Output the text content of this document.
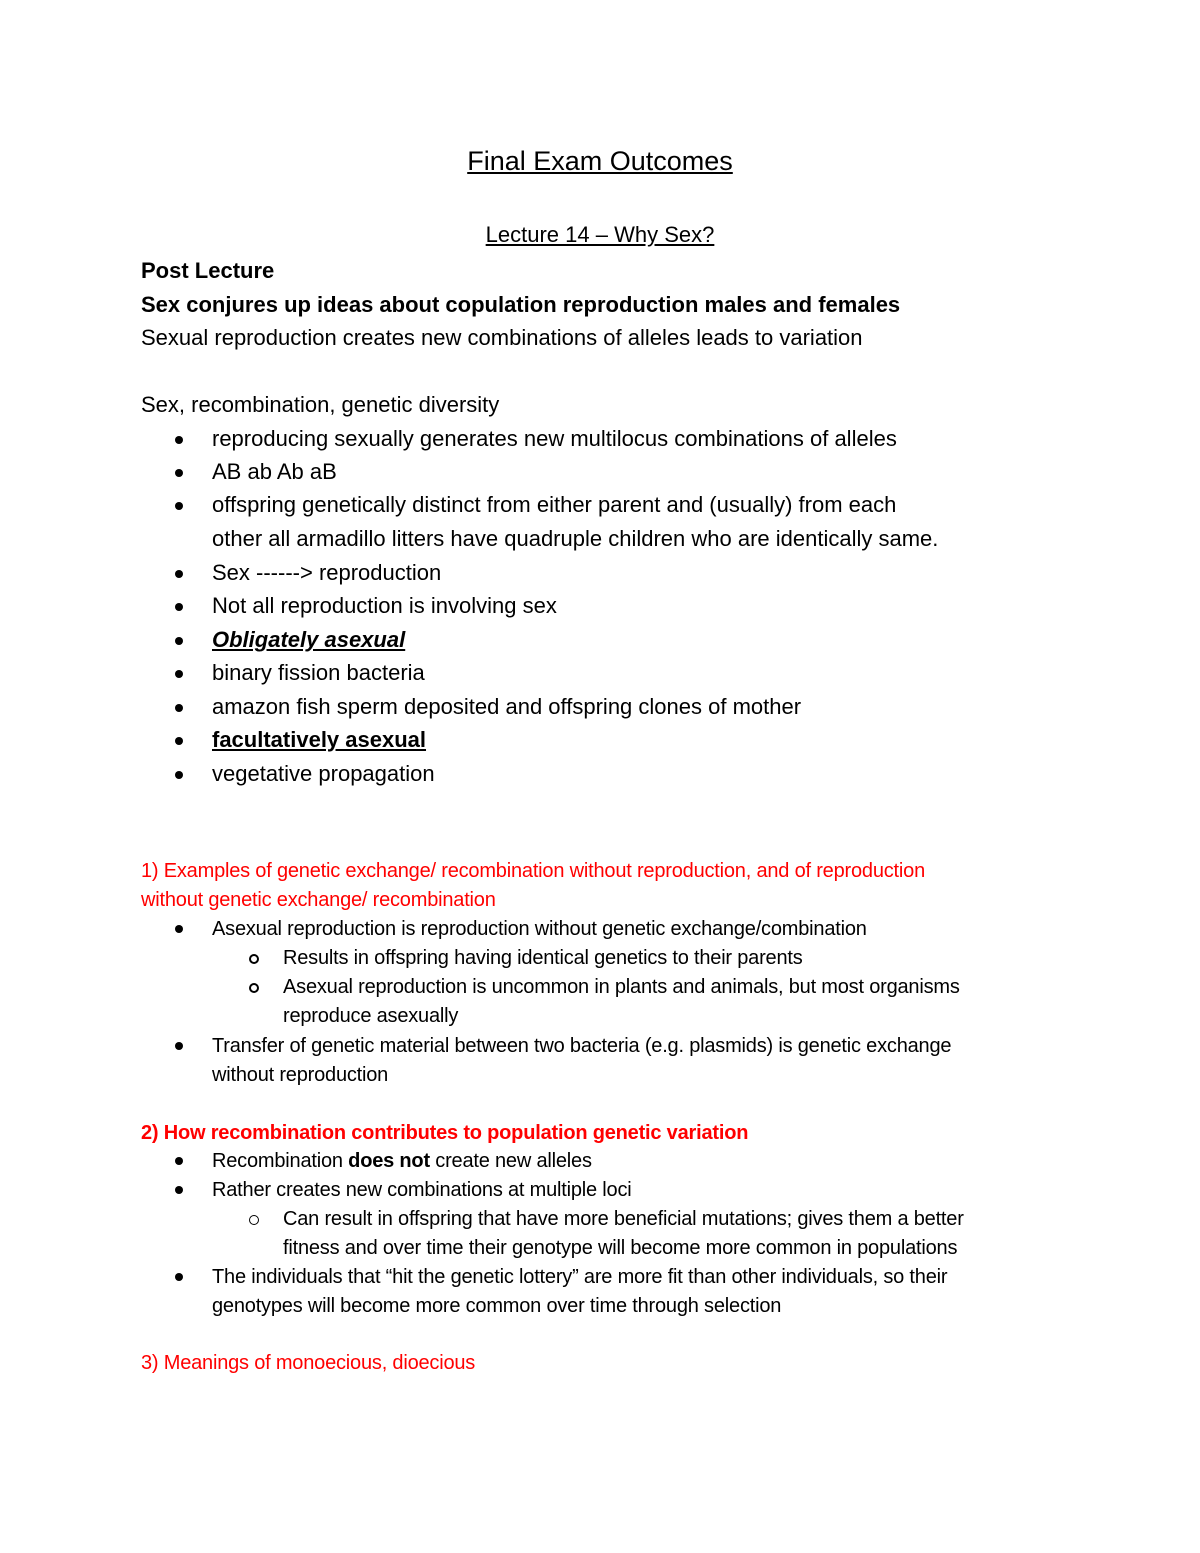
Final Exam Outcomes
Lecture 14 – Why Sex?
Post Lecture
Sex conjures up ideas about copulation reproduction males and females
Sexual reproduction creates new combinations of alleles leads to variation
Sex, recombination, genetic diversity
reproducing sexually generates new multilocus combinations of alleles
AB ab Ab aB
offspring genetically distinct from either parent and (usually) from each
other all armadillo litters have quadruple children who are identically same.
Sex ------> reproduction
Not all reproduction is involving sex
Obligately asexual
binary fission bacteria
amazon fish sperm deposited and offspring clones of mother
facultatively asexual
vegetative propagation
1) Examples of genetic exchange/ recombination without reproduction, and of reproduction
without genetic exchange/ recombination
Asexual reproduction is reproduction without genetic exchange/combination
Results in offspring having identical genetics to their parents
Asexual reproduction is uncommon in plants and animals, but most organisms
reproduce asexually
Transfer of genetic material between two bacteria (e.g. plasmids) is genetic exchange
without reproduction
2) How recombination contributes to population genetic variation
Recombination does not create new alleles
Rather creates new combinations at multiple loci
Can result in offspring that have more beneficial mutations; gives them a better
fitness and over time their genotype will become more common in populations
The individuals that “hit the genetic lottery” are more fit than other individuals, so their
genotypes will become more common over time through selection
3) Meanings of monoecious, dioecious
